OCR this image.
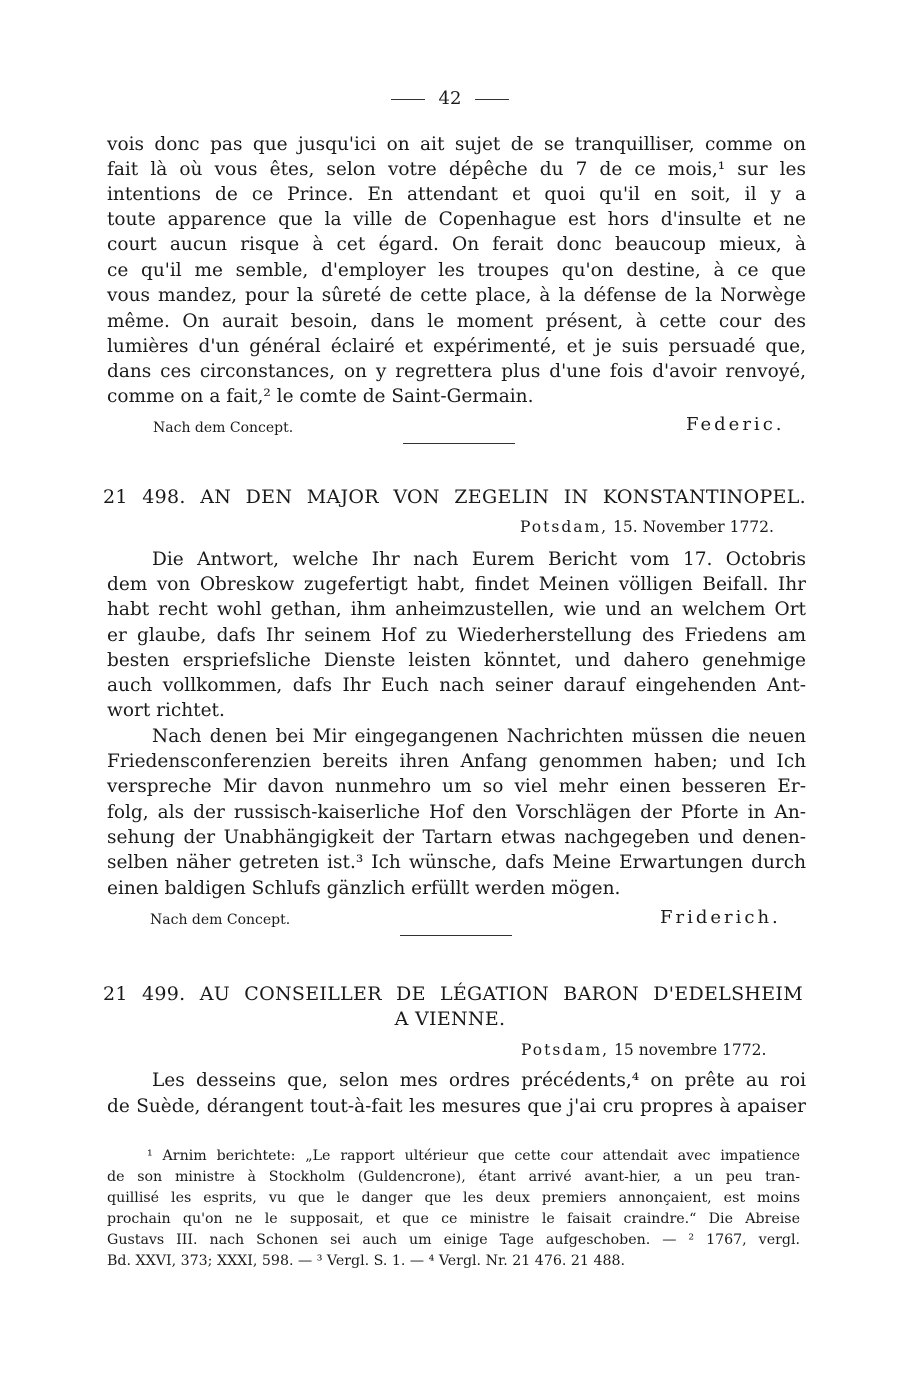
42
vois donc pas que jusqu'ici on ait sujet de se tranquilliser, comme on
fait là où vous êtes, selon votre dépêche du 7 de ce mois,¹ sur les
intentions de ce Prince. En attendant et quoi qu'il en soit, il y a
toute apparence que la ville de Copenhague est hors d'insulte et ne
court aucun risque à cet égard. On ferait donc beaucoup mieux, à
ce qu'il me semble, d'employer les troupes qu'on destine, à ce que
vous mandez, pour la sûreté de cette place, à la défense de la Norwège
même. On aurait besoin, dans le moment présent, à cette cour des
lumières d'un général éclairé et expérimenté, et je suis persuadé que,
dans ces circonstances, on y regrettera plus d'une fois d'avoir renvoyé,
comme on a fait,² le comte de Saint-Germain.
Nach dem Concept.	Federic.
21 498. AN DEN MAJOR VON ZEGELIN IN KONSTANTINOPEL.
Potsdam, 15. November 1772.
Die Antwort, welche Ihr nach Eurem Bericht vom 17. Octobris
dem von Obreskow zugefertigt habt, findet Meinen völligen Beifall. Ihr
habt recht wohl gethan, ihm anheimzustellen, wie und an welchem Ort
er glaube, dafs Ihr seinem Hof zu Wiederherstellung des Friedens am
besten erspriefsliche Dienste leisten könntet, und dahero genehmige
auch vollkommen, dafs Ihr Euch nach seiner darauf eingehenden Ant-
wort richtet.
Nach denen bei Mir eingegangenen Nachrichten müssen die neuen
Friedensconferenzien bereits ihren Anfang genommen haben; und Ich
verspreche Mir davon nunmehro um so viel mehr einen besseren Er-
folg, als der russisch-kaiserliche Hof den Vorschlägen der Pforte in An-
sehung der Unabhängigkeit der Tartarn etwas nachgegeben und denen-
selben näher getreten ist.³ Ich wünsche, dafs Meine Erwartungen durch
einen baldigen Schlufs gänzlich erfüllt werden mögen.
Nach dem Concept.	Friderich.
21 499. AU CONSEILLER DE LÉGATION BARON D'EDELSHEIM
A VIENNE.
Potsdam, 15 novembre 1772.
Les desseins que, selon mes ordres précédents,⁴ on prête au roi
de Suède, dérangent tout-à-fait les mesures que j'ai cru propres à apaiser
¹ Arnim berichtete: „Le rapport ultérieur que cette cour attendait avec impatience
de son ministre à Stockholm (Guldencrone), étant arrivé avant-hier, a un peu tran-
quillisé les esprits, vu que le danger que les deux premiers annonçaient, est moins
prochain qu'on ne le supposait, et que ce ministre le faisait craindre.“ Die Abreise
Gustavs III. nach Schonen sei auch um einige Tage aufgeschoben. — ² 1767, vergl.
Bd. XXVI, 373; XXXI, 598. — ³ Vergl. S. 1. — ⁴ Vergl. Nr. 21 476. 21 488.
